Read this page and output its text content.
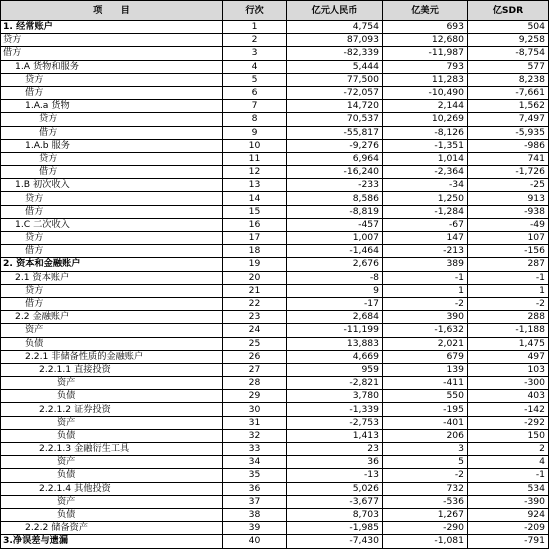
项　　目	行次	亿元人民币	亿美元	亿SDR
1. 经常账户	1	4,754	693	504
贷方	2	87,093	12,680	9,258
借方	3	-82,339	-11,987	-8,754
1.A 货物和服务	4	5,444	793	577
贷方	5	77,500	11,283	8,238
借方	6	-72,057	-10,490	-7,661
1.A.a 货物	7	14,720	2,144	1,562
贷方	8	70,537	10,269	7,497
借方	9	-55,817	-8,126	-5,935
1.A.b 服务	10	-9,276	-1,351	-986
贷方	11	6,964	1,014	741
借方	12	-16,240	-2,364	-1,726
1.B 初次收入	13	-233	-34	-25
贷方	14	8,586	1,250	913
借方	15	-8,819	-1,284	-938
1.C 二次收入	16	-457	-67	-49
贷方	17	1,007	147	107
借方	18	-1,464	-213	-156
2. 资本和金融账户	19	2,676	389	287
2.1 资本账户	20	-8	-1	-1
贷方	21	9	1	1
借方	22	-17	-2	-2
2.2 金融账户	23	2,684	390	288
资产	24	-11,199	-1,632	-1,188
负债	25	13,883	2,021	1,475
2.2.1 非储备性质的金融账户	26	4,669	679	497
2.2.1.1 直接投资	27	959	139	103
资产	28	-2,821	-411	-300
负债	29	3,780	550	403
2.2.1.2 证券投资	30	-1,339	-195	-142
资产	31	-2,753	-401	-292
负债	32	1,413	206	150
2.2.1.3 金融衍生工具	33	23	3	2
资产	34	36	5	4
负债	35	-13	-2	-1
2.2.1.4 其他投资	36	5,026	732	534
资产	37	-3,677	-536	-390
负债	38	8,703	1,267	924
2.2.2 储备资产	39	-1,985	-290	-209
3.净误差与遗漏	40	-7,430	-1,081	-791
